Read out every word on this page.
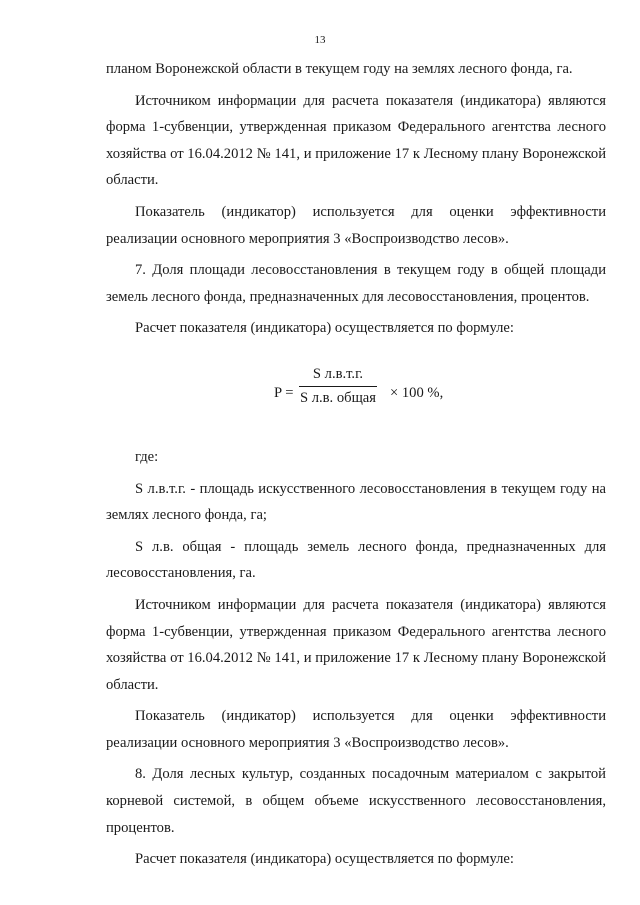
13

планом Воронежской области в текущем году на землях лесного фонда, га.

Источником информации для расчета показателя (индикатора) являются форма 1-субвенции, утвержденная приказом Федерального агентства лесного хозяйства от 16.04.2012 № 141, и приложение 17 к Лесному плану Воронежской области.

Показатель (индикатор) используется для оценки эффективности реализации основного мероприятия 3 «Воспроизводство лесов».

7. Доля площади лесовосстановления в текущем году в общей площади земель лесного фонда, предназначенных для лесовосстановления, процентов.

Расчет показателя (индикатора) осуществляется по формуле:

P =
S л.в.т.г.
S л.в. общая × 100 %,

где:

S л.в.т.г. - площадь искусственного лесовосстановления в текущем году на землях лесного фонда, га;

S л.в. общая - площадь земель лесного фонда, предназначенных для лесовосстановления, га.

Источником информации для расчета показателя (индикатора) являются форма 1-субвенции, утвержденная приказом Федерального агентства лесного хозяйства от 16.04.2012 № 141, и приложение 17 к Лесному плану Воронежской области.

Показатель (индикатор) используется для оценки эффективности реализации основного мероприятия 3 «Воспроизводство лесов».

8. Доля лесных культур, созданных посадочным материалом с закрытой корневой системой, в общем объеме искусственного лесовосстановления, процентов.

Расчет показателя (индикатора) осуществляется по формуле:
